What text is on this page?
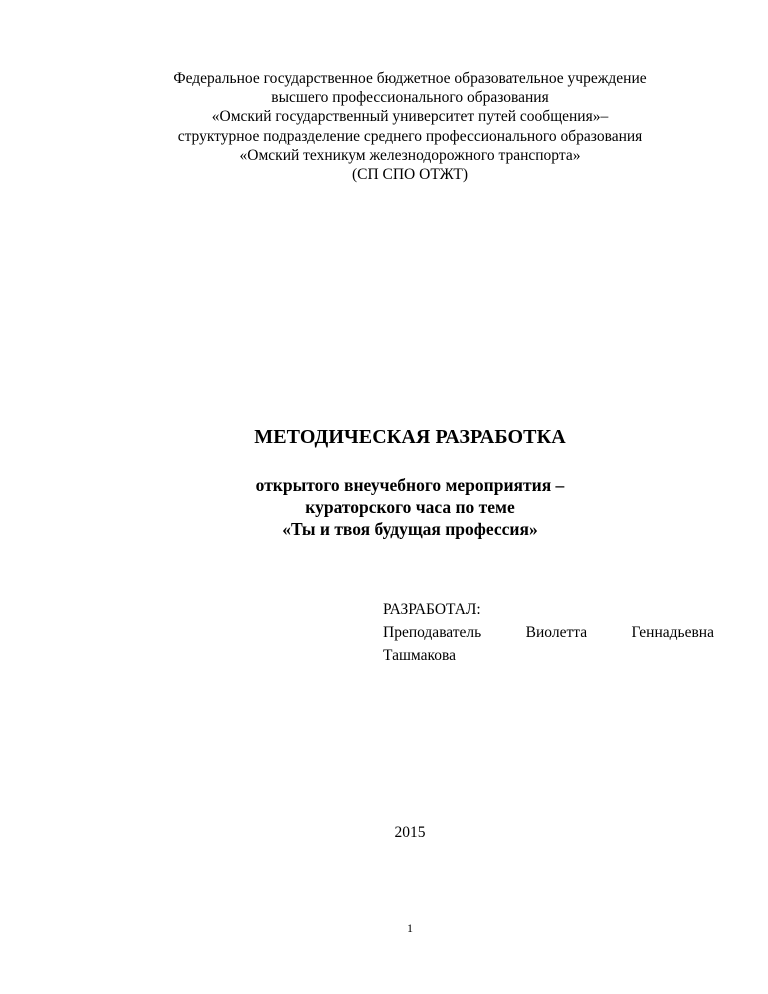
Федеральное государственное бюджетное образовательное учреждение
высшего профессионального образования
«Омский государственный университет путей сообщения»–
структурное подразделение среднего профессионального образования
«Омский техникум железнодорожного транспорта»
(СП СПО ОТЖТ)
МЕТОДИЧЕСКАЯ РАЗРАБОТКА
открытого внеучебного мероприятия –
кураторского часа по теме
«Ты и твоя будущая профессия»
РАЗРАБОТАЛ:
Преподаватель	Виолетта	Геннадьевна
Ташмакова
2015
1
